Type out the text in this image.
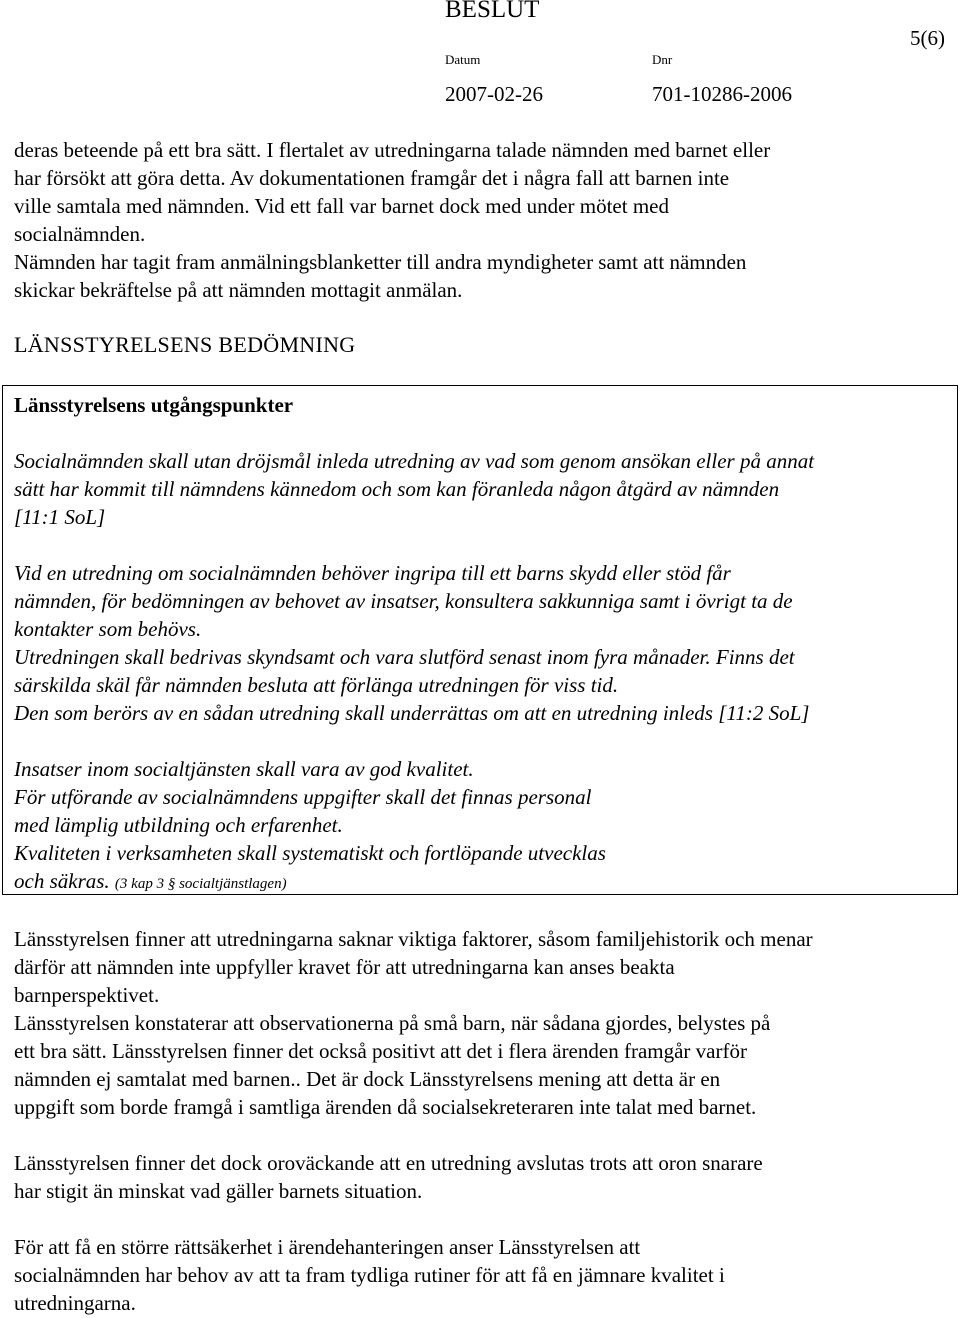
BESLUT
5(6)
Datum	Dnr
2007-02-26	701-10286-2006
deras beteende på ett bra sätt. I flertalet av utredningarna talade nämnden med barnet eller
har försökt att göra detta. Av dokumentationen framgår det i några fall att barnen inte
ville samtala med nämnden. Vid ett fall var barnet dock med under mötet med
socialnämnden.
Nämnden har tagit fram anmälningsblanketter till andra myndigheter samt att nämnden
skickar bekräftelse på att nämnden mottagit anmälan.
LÄNSSTYRELSENS BEDÖMNING
Länsstyrelsens utgångspunkter
Socialnämnden skall utan dröjsmål inleda utredning av vad som genom ansökan eller på annat
sätt har kommit till nämndens kännedom och som kan föranleda någon åtgärd av nämnden
[11:1 SoL]
Vid en utredning om socialnämnden behöver ingripa till ett barns skydd eller stöd får
nämnden, för bedömningen av behovet av insatser, konsultera sakkunniga samt i övrigt ta de
kontakter som behövs.
Utredningen skall bedrivas skyndsamt och vara slutförd senast inom fyra månader. Finns det
särskilda skäl får nämnden besluta att förlänga utredningen för viss tid.
Den som berörs av en sådan utredning skall underrättas om att en utredning inleds [11:2 SoL]
Insatser inom socialtjänsten skall vara av god kvalitet.
För utförande av socialnämndens uppgifter skall det finnas personal
med lämplig utbildning och erfarenhet.
Kvaliteten i verksamheten skall systematiskt och fortlöpande utvecklas
och säkras. (3 kap 3 § socialtjänstlagen)
Länsstyrelsen finner att utredningarna saknar viktiga faktorer, såsom familjehistorik och menar
därför att nämnden inte uppfyller kravet för att utredningarna kan anses beakta
barnperspektivet.
Länsstyrelsen konstaterar att observationerna på små barn, när sådana gjordes, belystes på
ett bra sätt. Länsstyrelsen finner det också positivt att det i flera ärenden framgår varför
nämnden ej samtalat med barnen.. Det är dock Länsstyrelsens mening att detta är en
uppgift som borde framgå i samtliga ärenden då socialsekreteraren inte talat med barnet.
Länsstyrelsen finner det dock oroväckande att en utredning avslutas trots att oron snarare
har stigit än minskat vad gäller barnets situation.
För att få en större rättsäkerhet i ärendehanteringen anser Länsstyrelsen att
socialnämnden har behov av att ta fram tydliga rutiner för att få en jämnare kvalitet i
utredningarna.
